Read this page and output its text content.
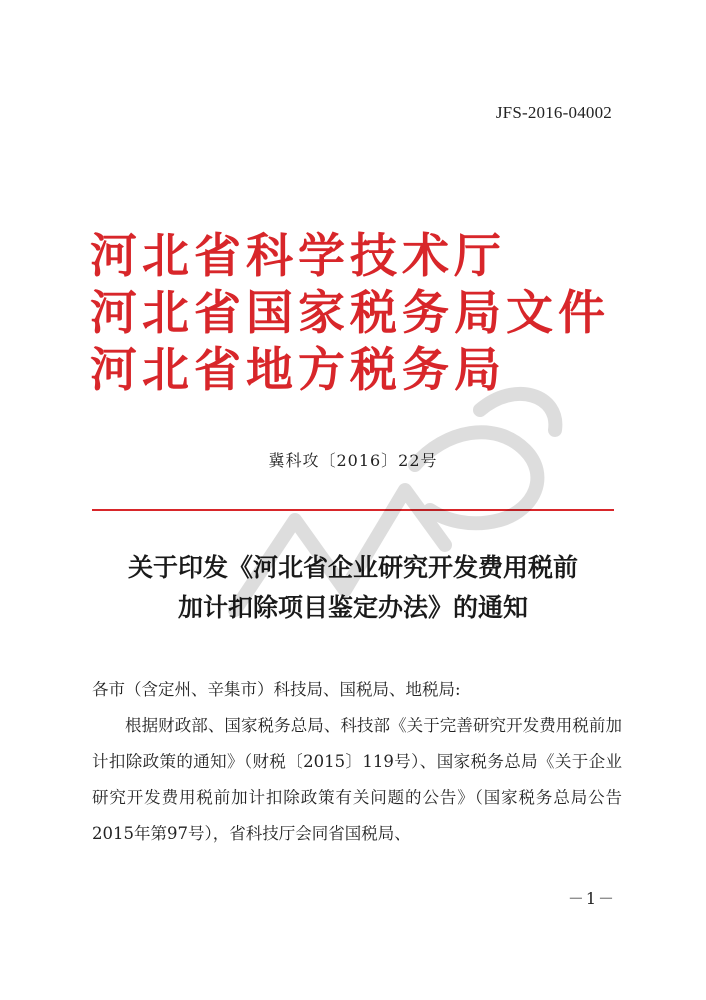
JFS-2016-04002
河北省科学技术厅
河北省国家税务局文件
河北省地方税务局
冀科攻〔2016〕22号
关于印发《河北省企业研究开发费用税前
加计扣除项目鉴定办法》的通知

各市（含定州、辛集市）科技局、国税局、地税局:

根据财政部、国家税务总局、科技部《关于完善研究开发费用税前加计扣除政策的通知》（财税〔2015〕119号）、国家税务总局《关于企业研究开发费用税前加计扣除政策有关问题的公告》（国家税务总局公告2015年第97号），省科技厅会同省国税局、

－1－
